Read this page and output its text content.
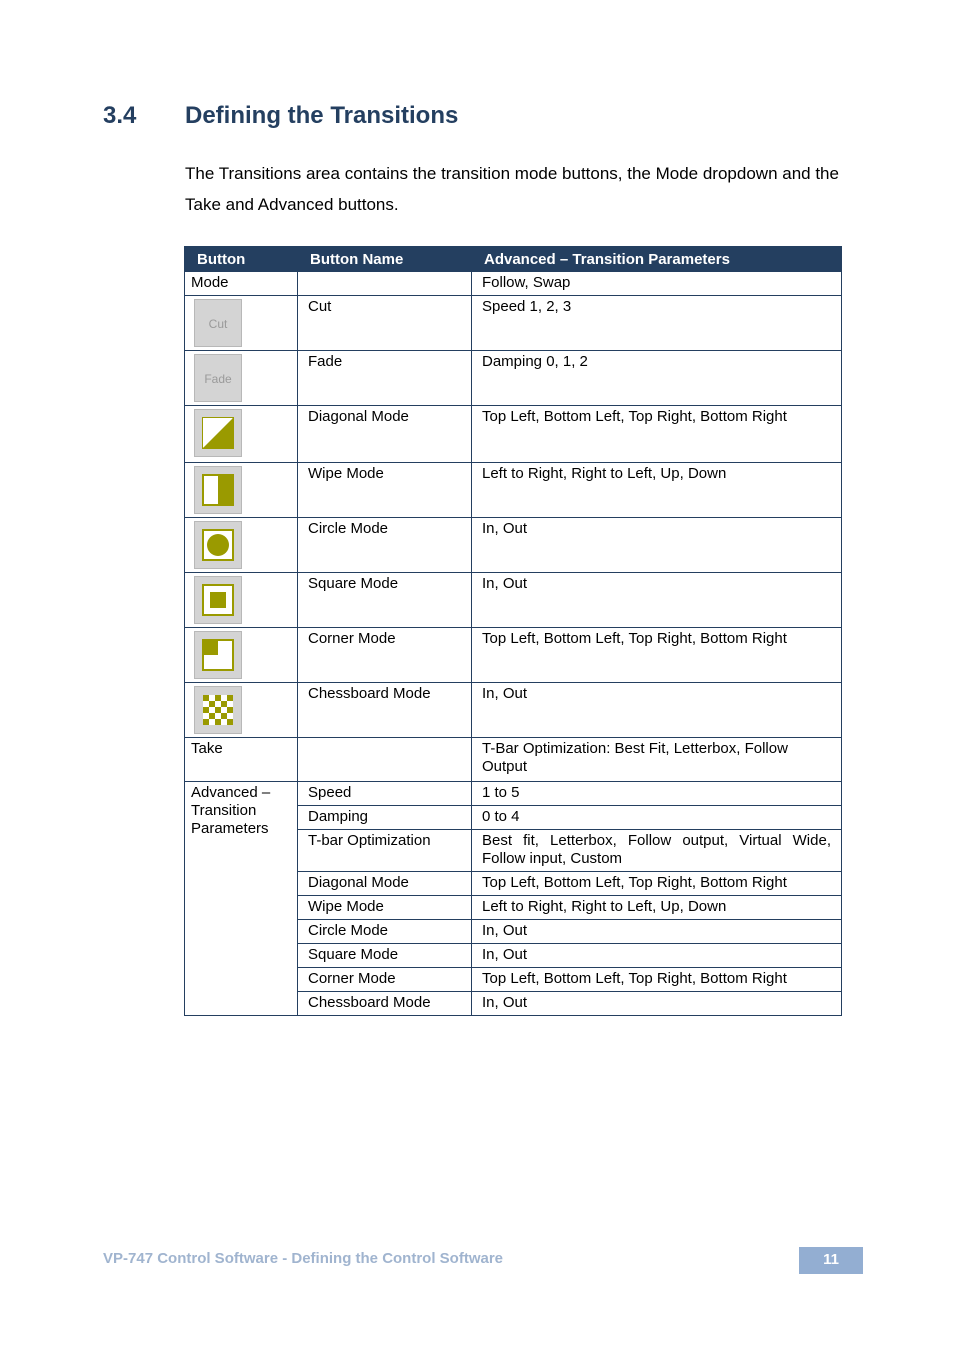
3.4 Defining the Transitions
The Transitions area contains the transition mode buttons, the Mode dropdown and the Take and Advanced buttons.
Button	Button Name	Advanced – Transition Parameters
Mode		Follow, Swap

Cut	Cut	Speed 1, 2, 3

Fade	Fade	Damping 0, 1, 2

	Diagonal Mode	Top Left, Bottom Left, Top Right, Bottom Right

	Wipe Mode	Left to Right, Right to Left, Up, Down

	Circle Mode	In, Out

	Square Mode	In, Out

	Corner Mode	Top Left, Bottom Left, Top Right, Bottom Right

	Chessboard Mode	In, Out
Take		T-Bar Optimization: Best Fit, Letterbox, Follow Output
Advanced – Transition Parameters	Speed	1 to 5
	Damping	0 to 4
	T-bar Optimization	Best fit, Letterbox, Follow output, Virtual Wide, Follow input, Custom
	Diagonal Mode	Top Left, Bottom Left, Top Right, Bottom Right
	Wipe Mode	Left to Right, Right to Left, Up, Down
	Circle Mode	In, Out
	Square Mode	In, Out
	Corner Mode	Top Left, Bottom Left, Top Right, Bottom Right
	Chessboard Mode	In, Out
VP-747 Control Software - Defining the Control Software	11
